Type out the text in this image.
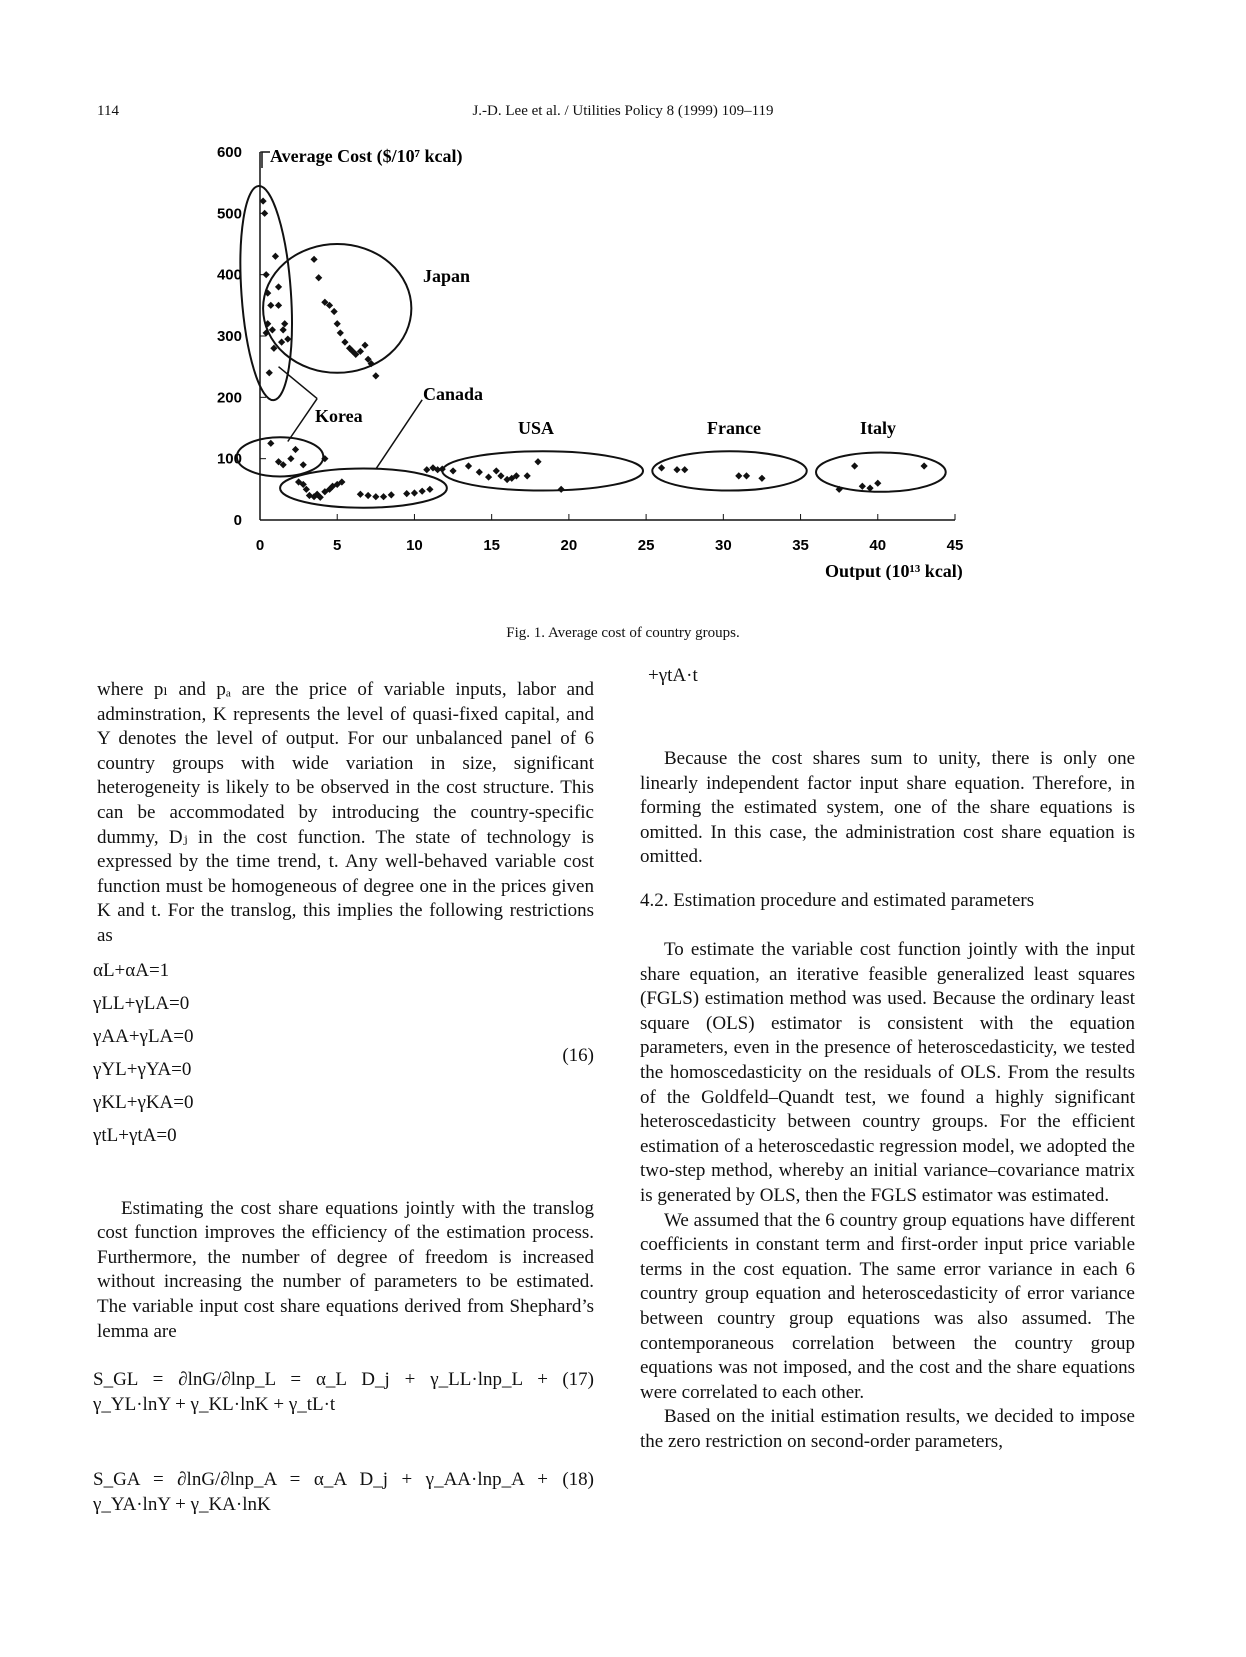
114	J.-D. Lee et al. / Utilities Policy 8 (1999) 109–119
0
100
200
300
400
500
600
0	5	10	15	20	25	30	35	40	45
Average Cost ($/10⁷ kcal)
Output (10¹³ kcal)
Korea
Japan
Canada
USA	France	Italy
Fig. 1. Average cost of country groups.

where pₗ and pₐ are the price of variable inputs, labor and adminstration, K represents the level of quasi-fixed capital, and Y denotes the level of output. For our unbalanced panel of 6 country groups with wide variation in size, significant heterogeneity is likely to be observed in the cost structure. This can be accommodated by introducing the country-specific dummy, Dⱼ in the cost function. The state of technology is expressed by the time trend, t. Any well-behaved variable cost function must be homogeneous of degree one in the prices given K and t. For the translog, this implies the following restrictions as

αL+αA=1
γLL+γLA=0
γAA+γLA=0
γYL+γYA=0
γKL+γKA=0
γtL+γtA=0
(16)

Estimating the cost share equations jointly with the translog cost function improves the efficiency of the estimation process. Furthermore, the number of degree of freedom is increased without increasing the number of parameters to be estimated. The variable input cost share equations derived from Shephard’s lemma are

S_GL = ∂lnG/∂lnp_L = α_L D_j + γ_LL·lnp_L + γ_YL·lnY + γ_KL·lnK + γ_tL·t
(17)
S_GA = ∂lnG/∂lnp_A = α_A D_j + γ_AA·lnp_A + γ_YA·lnY + γ_KA·lnK
(18)
+γtA·t

Because the cost shares sum to unity, there is only one linearly independent factor input share equation. Therefore, in forming the estimated system, one of the share equations is omitted. In this case, the administration cost share equation is omitted.

4.2. Estimation procedure and estimated parameters

To estimate the variable cost function jointly with the input share equation, an iterative feasible generalized least squares (FGLS) estimation method was used. Because the ordinary least square (OLS) estimator is consistent with the equation parameters, even in the presence of heteroscedasticity, we tested the homoscedasticity on the residuals of OLS. From the results of the Goldfeld–Quandt test, we found a highly significant heteroscedasticity between country groups. For the efficient estimation of a heteroscedastic regression model, we adopted the two-step method, whereby an initial variance–covariance matrix is generated by OLS, then the FGLS estimator was estimated.

We assumed that the 6 country group equations have different coefficients in constant term and first-order input price variable terms in the cost equation. The same error variance in each 6 country group equation and heteroscedasticity of error variance between country group equations was also assumed. The contemporaneous correlation between the country group equations was not imposed, and the cost and the share equations were correlated to each other.

Based on the initial estimation results, we decided to impose the zero restriction on second-order parameters,
